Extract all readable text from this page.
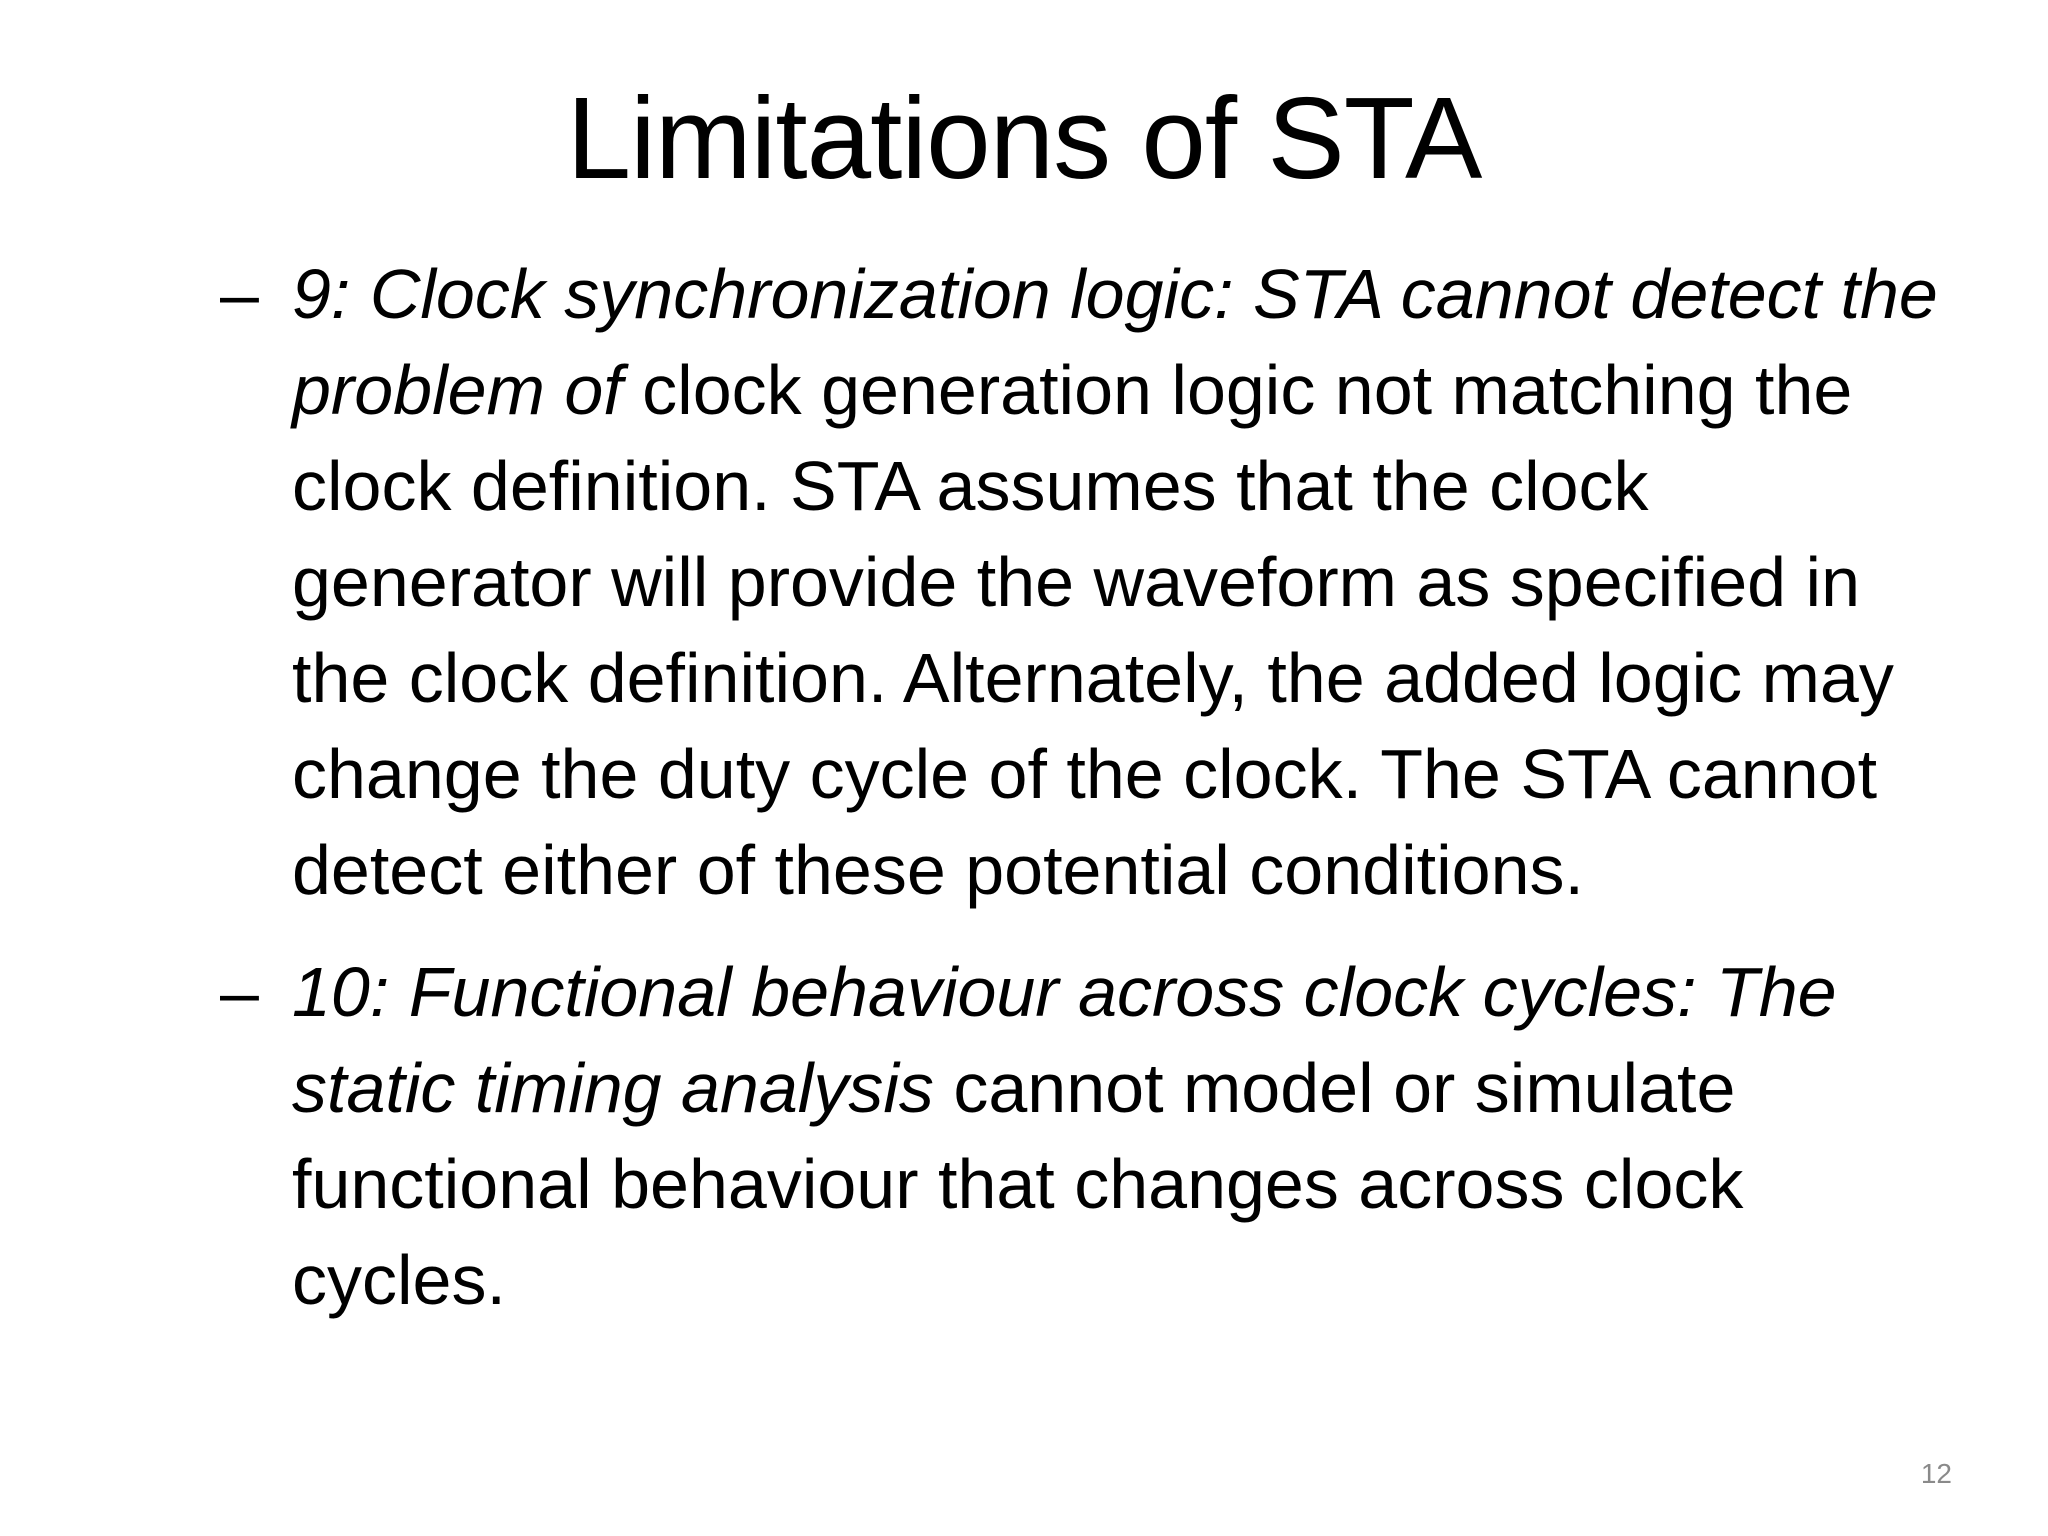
Limitations of STA
– 9: Clock synchronization logic: STA cannot detect the problem of clock generation logic not matching the clock definition. STA assumes that the clock generator will provide the waveform as specified in the clock definition. Alternately, the added logic may change the duty cycle of the clock. The STA cannot detect either of these potential conditions.
– 10: Functional behaviour across clock cycles: The static timing analysis cannot model or simulate functional behaviour that changes across clock cycles.
12
